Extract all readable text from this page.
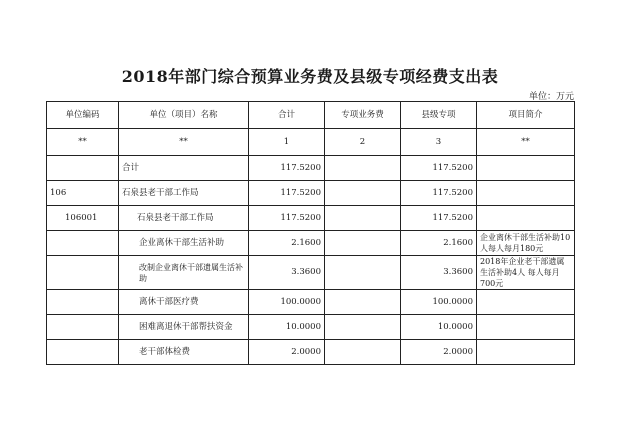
2018年部门综合预算业务费及县级专项经费支出表
单位：万元
单位编码	单位（项目）名称	合计	专项业务费	县级专项	项目简介
**	**	1	2	3	**
	合计	117.5200		117.5200	
106	石泉县老干部工作局	117.5200		117.5200	
106001	石泉县老干部工作局	117.5200		117.5200	
	企业离休干部生活补助	2.1600		2.1600	企业离休干部生活补助10人每人每月180元
	改制企业离休干部遗属生活补助	3.3600		3.3600	2018年企业老干部遗属生活补助4人 每人每月700元
	离休干部医疗费	100.0000		100.0000	
	困难离退休干部帮扶资金	10.0000		10.0000	
	老干部体检费	2.0000		2.0000	
